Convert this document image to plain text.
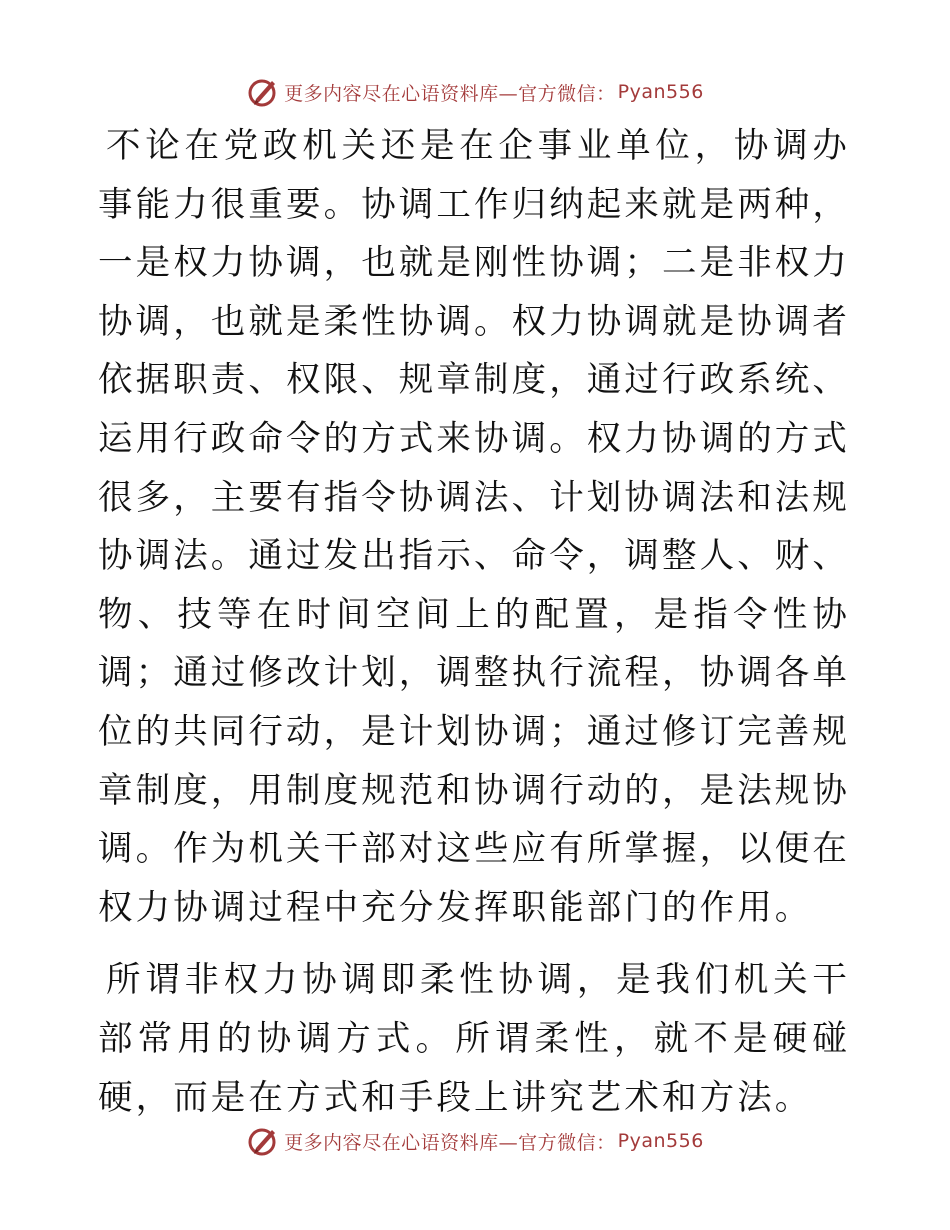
更多内容尽在心语资料库—官方微信： Pyan556

不论在党政机关还是在企事业单位，协调办事能力很重要。协调工作归纳起来就是两种，一是权力协调，也就是刚性协调；二是非权力协调，也就是柔性协调。权力协调就是协调者依据职责、权限、规章制度，通过行政系统、运用行政命令的方式来协调。权力协调的方式很多，主要有指令协调法、计划协调法和法规协调法。通过发出指示、命令，调整人、财、物、技等在时间空间上的配置，是指令性协调；通过修改计划，调整执行流程，协调各单位的共同行动，是计划协调；通过修订完善规章制度，用制度规范和协调行动的，是法规协调。作为机关干部对这些应有所掌握，以便在权力协调过程中充分发挥职能部门的作用。

所谓非权力协调即柔性协调，是我们机关干部常用的协调方式。所谓柔性，就不是硬碰硬，而是在方式和手段上讲究艺术和方法。

更多内容尽在心语资料库—官方微信： Pyan556
